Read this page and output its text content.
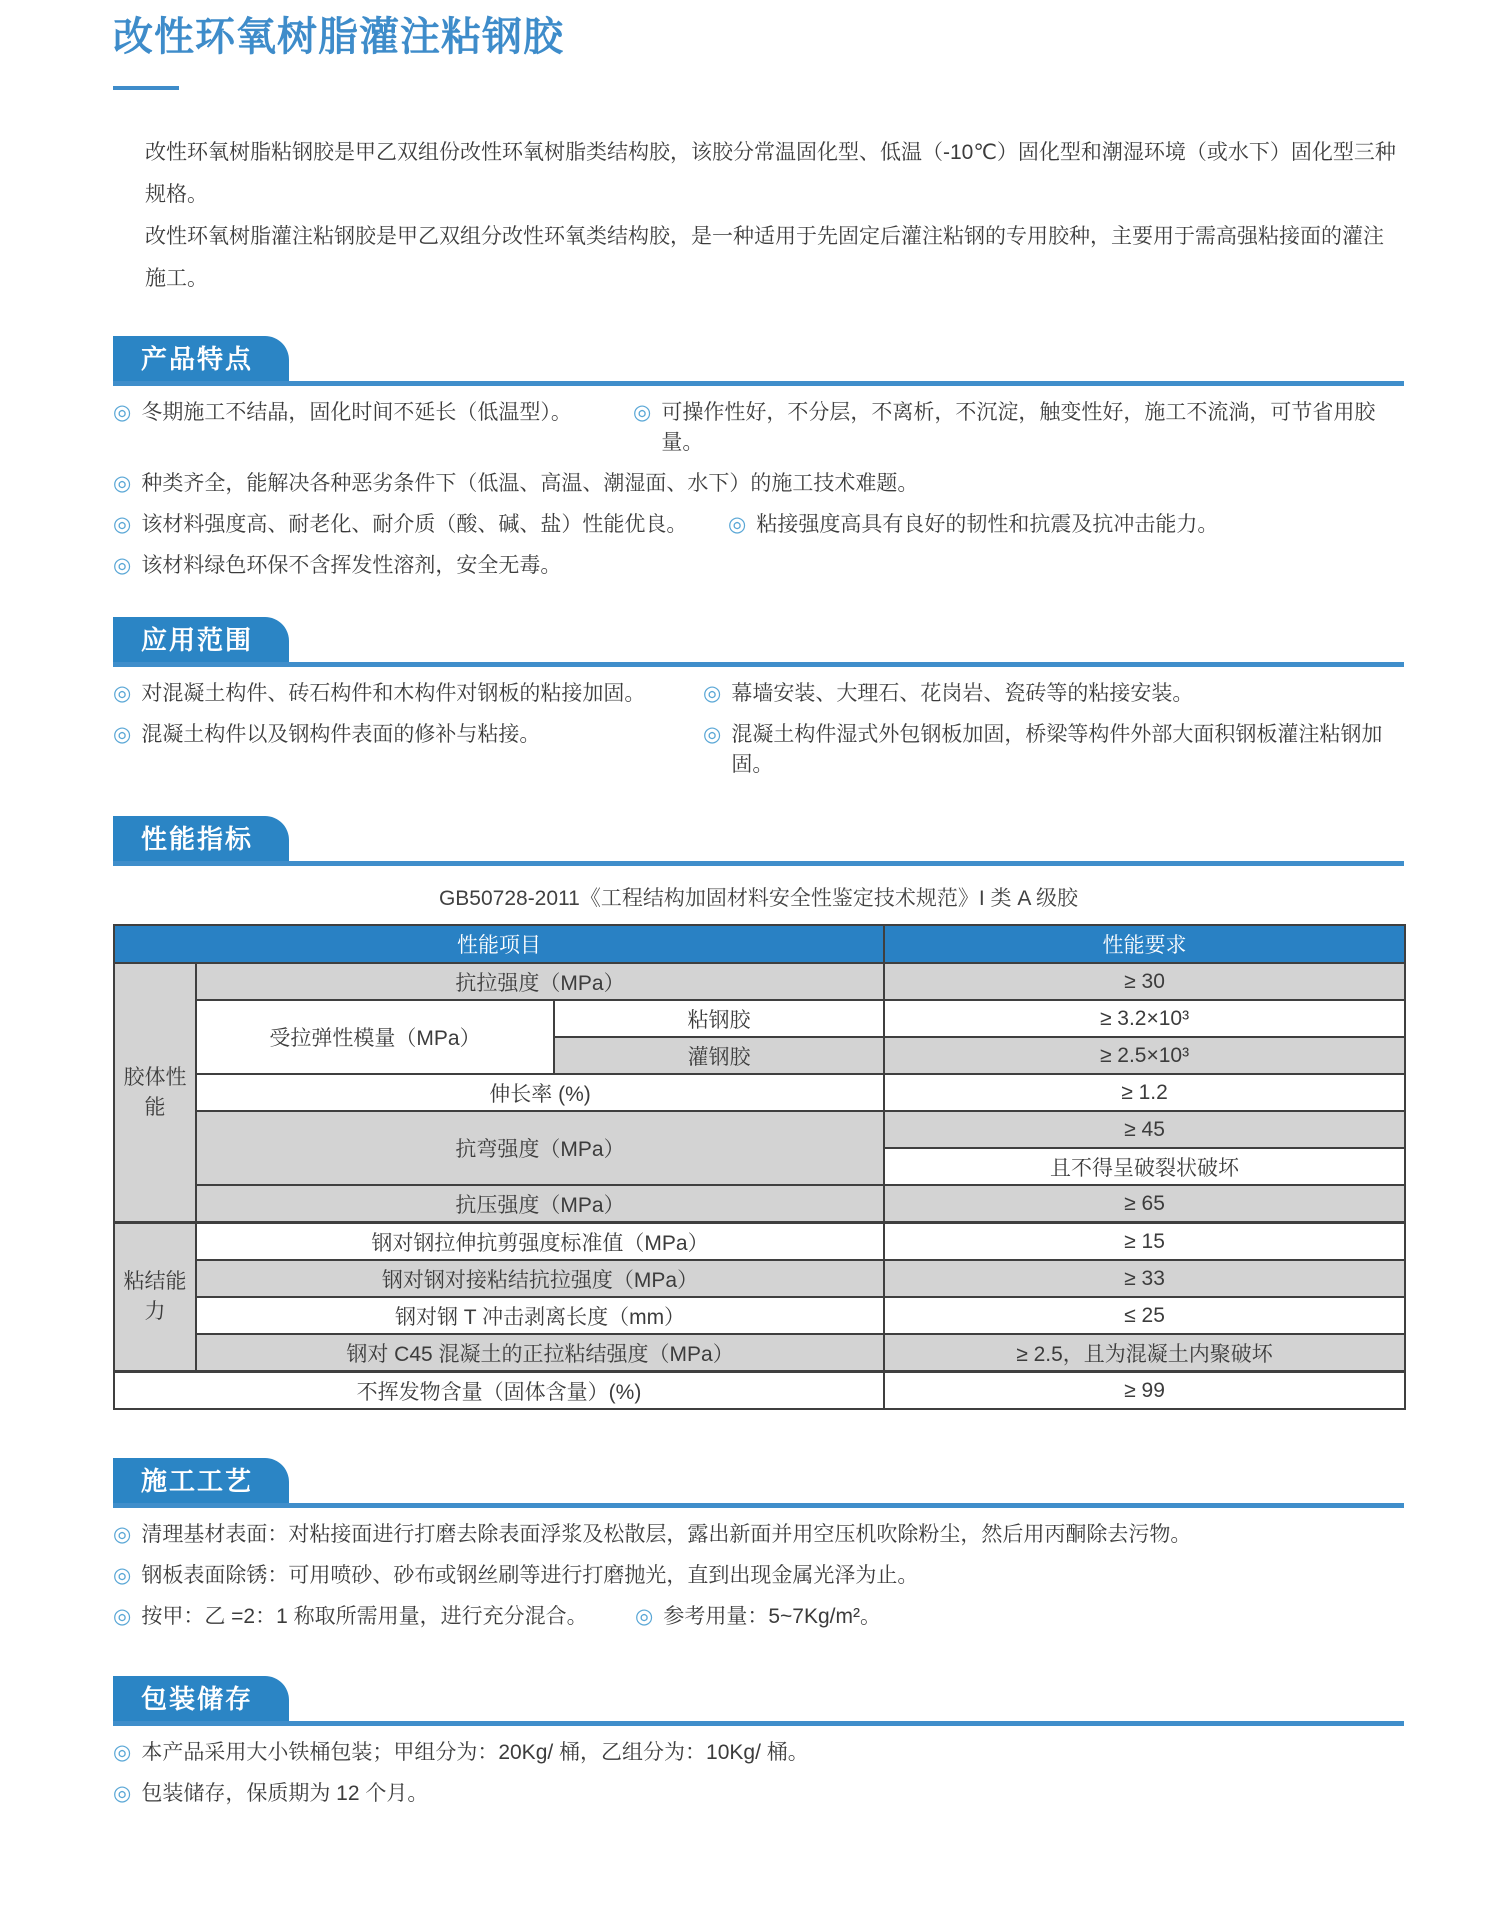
改性环氧树脂灌注粘钢胶

改性环氧树脂粘钢胶是甲乙双组份改性环氧树脂类结构胶，该胶分常温固化型、低温（-10℃）固化型和潮湿环境（或水下）固化型三种规格。

改性环氧树脂灌注粘钢胶是甲乙双组分改性环氧类结构胶，是一种适用于先固定后灌注粘钢的专用胶种，主要用于需高强粘接面的灌注施工。

产品特点
◎ 冬期施工不结晶，固化时间不延长（低温型）。	◎ 可操作性好，不分层，不离析，不沉淀，触变性好，施工不流淌，可节省用胶量。
◎ 种类齐全，能解决各种恶劣条件下（低温、高温、潮湿面、水下）的施工技术难题。
◎ 该材料强度高、耐老化、耐介质（酸、碱、盐）性能优良。 ◎ 粘接强度高具有良好的韧性和抗震及抗冲击能力。
◎ 该材料绿色环保不含挥发性溶剂，安全无毒。
应用范围
◎ 对混凝土构件、砖石构件和木构件对钢板的粘接加固。	◎ 幕墙安装、大理石、花岗岩、瓷砖等的粘接安装。
◎ 混凝土构件以及钢构件表面的修补与粘接。	◎ 混凝土构件湿式外包钢板加固，桥梁等构件外部大面积钢板灌注粘钢加固。
性能指标
GB50728-2011《工程结构加固材料安全性鉴定技术规范》I 类 A 级胶
性能项目			性能要求
胶体性能	抗拉强度（MPa）		≥ 30
	受拉弹性模量（MPa）	粘钢胶	≥ 3.2×10³
		灌钢胶	≥ 2.5×10³
	伸长率 (%)		≥ 1.2
	抗弯强度（MPa）		≥ 45
			且不得呈破裂状破坏
	抗压强度（MPa）		≥ 65
粘结能力	钢对钢拉伸抗剪强度标准值（MPa）		≥ 15
	钢对钢对接粘结抗拉强度（MPa）		≥ 33
	钢对钢 T 冲击剥离长度（mm）		≤ 25
	钢对 C45 混凝土的正拉粘结强度（MPa）		≥ 2.5，且为混凝土内聚破坏
不挥发物含量（固体含量）(%)			≥ 99
施工工艺
◎ 清理基材表面：对粘接面进行打磨去除表面浮浆及松散层，露出新面并用空压机吹除粉尘，然后用丙酮除去污物。
◎ 钢板表面除锈：可用喷砂、砂布或钢丝刷等进行打磨抛光，直到出现金属光泽为止。
◎ 按甲：乙 =2：1 称取所需用量，进行充分混合。 ◎ 参考用量：5~7Kg/m²。
包装储存
◎ 本产品采用大小铁桶包装；甲组分为：20Kg/ 桶，乙组分为：10Kg/ 桶。
◎ 包装储存，保质期为 12 个月。
